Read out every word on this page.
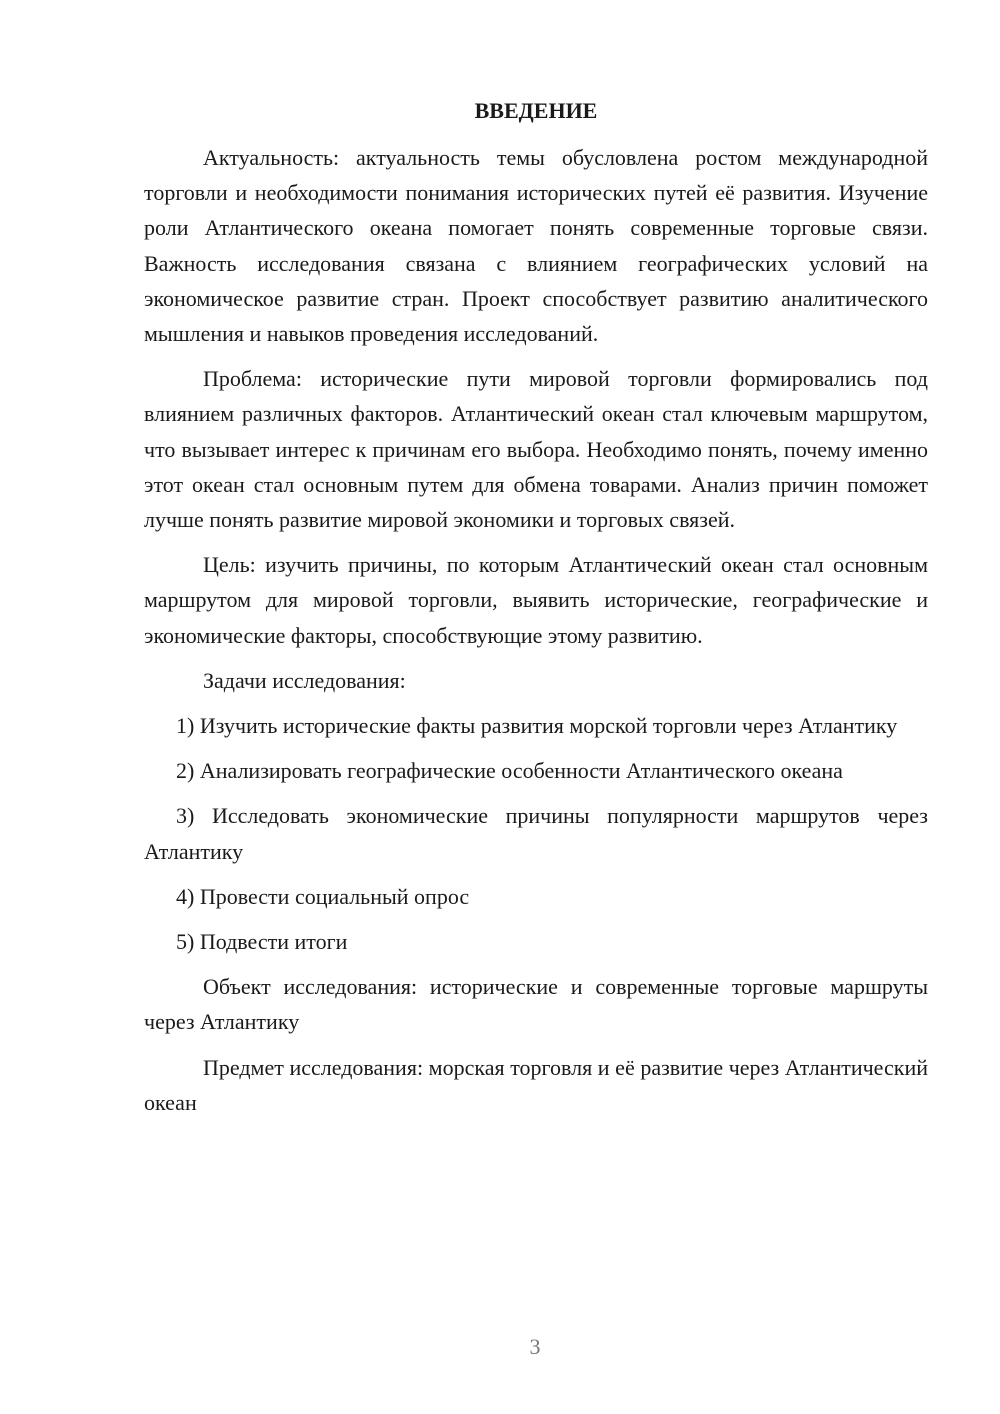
ВВЕДЕНИЕ

Актуальность: актуальность темы обусловлена ростом международной торговли и необходимости понимания исторических путей её развития. Изучение роли Атлантического океана помогает понять современные торговые связи. Важность исследования связана с влиянием географических условий на экономическое развитие стран. Проект способствует развитию аналитического мышления и навыков проведения исследований.

Проблема: исторические пути мировой торговли формировались под влиянием различных факторов. Атлантический океан стал ключевым маршрутом, что вызывает интерес к причинам его выбора. Необходимо понять, почему именно этот океан стал основным путем для обмена товарами. Анализ причин поможет лучше понять развитие мировой экономики и торговых связей.

Цель: изучить причины, по которым Атлантический океан стал основным маршрутом для мировой торговли, выявить исторические, географические и экономические факторы, способствующие этому развитию.

Задачи исследования:

1) Изучить исторические факты развития морской торговли через Атлантику

2) Анализировать географические особенности Атлантического океана

3) Исследовать экономические причины популярности маршрутов через Атлантику

4) Провести социальный опрос

5) Подвести итоги

Объект исследования: исторические и современные торговые маршруты через Атлантику

Предмет исследования: морская торговля и её развитие через Атлантический океан

3
